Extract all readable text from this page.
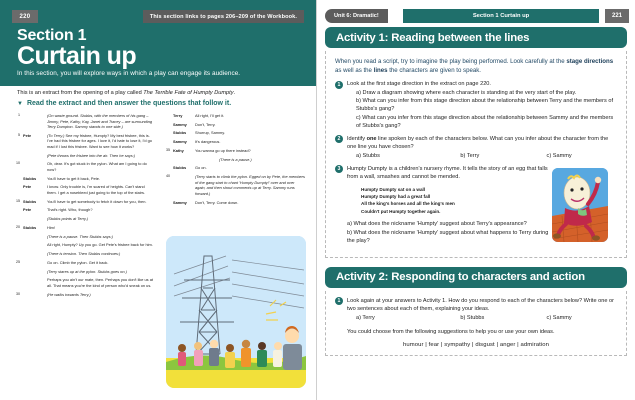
220	This section links to pages 206–209 of the Workbook.
Section 1
Curtain up
In this section, you will explore ways in which a play can engage its audience.
This is an extract from the opening of a play called The Terrible Fate of Humpty Dumpty.
▼ Read the extract and then answer the questions that follow it.
1	(On waste ground. Stubbs, with the members of his gang – Jimmy, Pete, Kathy, Kay, Janet and Tracey – are surrounding Terry Dumpton. Sammy stands to one side.)
5 Pete	(To Terry.) See my frisbee, Humpty? My best frisbee, this is. I've had this frisbee for ages. I love it, I'd hate to lose it, I'd go mad if I lost this frisbee. Want to see how it works?
(Pete throws the frisbee into the air. Then he says:)
10	Oh, dear. It's got stuck in the pylon. What am I going to do now?
Stubbs	You'll have to get it back, Pete.
Pete	I know. Only trouble is, I'm scared of heights. Can't stand them. I get a nosebleed just going to the top of the stairs.
15 Stubbs	You'll have to get somebody to fetch it down for you, then.
Pete	That's right. Who, though?
(Stubbs points at Terry.)
20 Stubbs	Him!
(There is a pause. Then Stubbs says:)
All right, Humpty? Up you go. Get Pete's frisbee back for him.
(There is tension. Then Stubbs continues:)
25	Go on. Climb the pylon. Get it back.
(Terry stares up at the pylon. Stubbs goes on.)
Perhaps you ain't our mate, then. Perhaps you don't like us at all. That means you're the kind of person who'd sneak on us.
30	(He walks towards Terry.)
Terry	All right, I'll get it.
Sammy	Don't, Terry.
Stubbs	Shurrup, Sammy.
Sammy	It's dangerous.
35 Kathy	You wanna go up there instead?
(There is a pause.)
Stubbs	Go on.
40	(Terry starts to climb the pylon. Egged on by Pete, the members of the gang start to chant 'Humpty Dumpty!' over and over again, and then shout comments up at Terry. Sammy runs forward.)
Sammy	Don't, Terry. Come down.
Unit 6: Dramatic!	Section 1 Curtain up	221
Activity 1: Reading between the lines
When you read a script, try to imagine the play being performed. Look carefully at the stage directions as well as the lines the characters are given to speak.
1	Look at the first stage direction in the extract on page 220.
a) Draw a diagram showing where each character is standing at the very start of the play.
b) What can you infer from this stage direction about the relationship between Terry and the members of Stubbs's gang?
c) What can you infer from this stage direction about the relationship between Sammy and the members of Stubbs's gang?
2	Identify one line spoken by each of the characters below. What can you infer about the character from the one line you have chosen?
a) Stubbs	b) Terry	c) Sammy
3	Humpty Dumpty is a children's nursery rhyme. It tells the story of an egg that falls from a wall, smashes and cannot be mended.
Humpty Dumpty sat on a wall
Humpty Dumpty had a great fall
All the king's horses and all the king's men
Couldn't put Humpty together again.
a) What does the nickname 'Humpty' suggest about Terry's appearance?
b) What does the nickname 'Humpty' suggest about what happens to Terry during the play?
Activity 2: Responding to characters and action
1	Look again at your answers to Activity 1. How do you respond to each of the characters below? Write one or two sentences about each of them, explaining your ideas.
a) Terry	b) Stubbs	c) Sammy
You could choose from the following suggestions to help you or use your own ideas.
humour | fear | sympathy | disgust | anger | admiration
